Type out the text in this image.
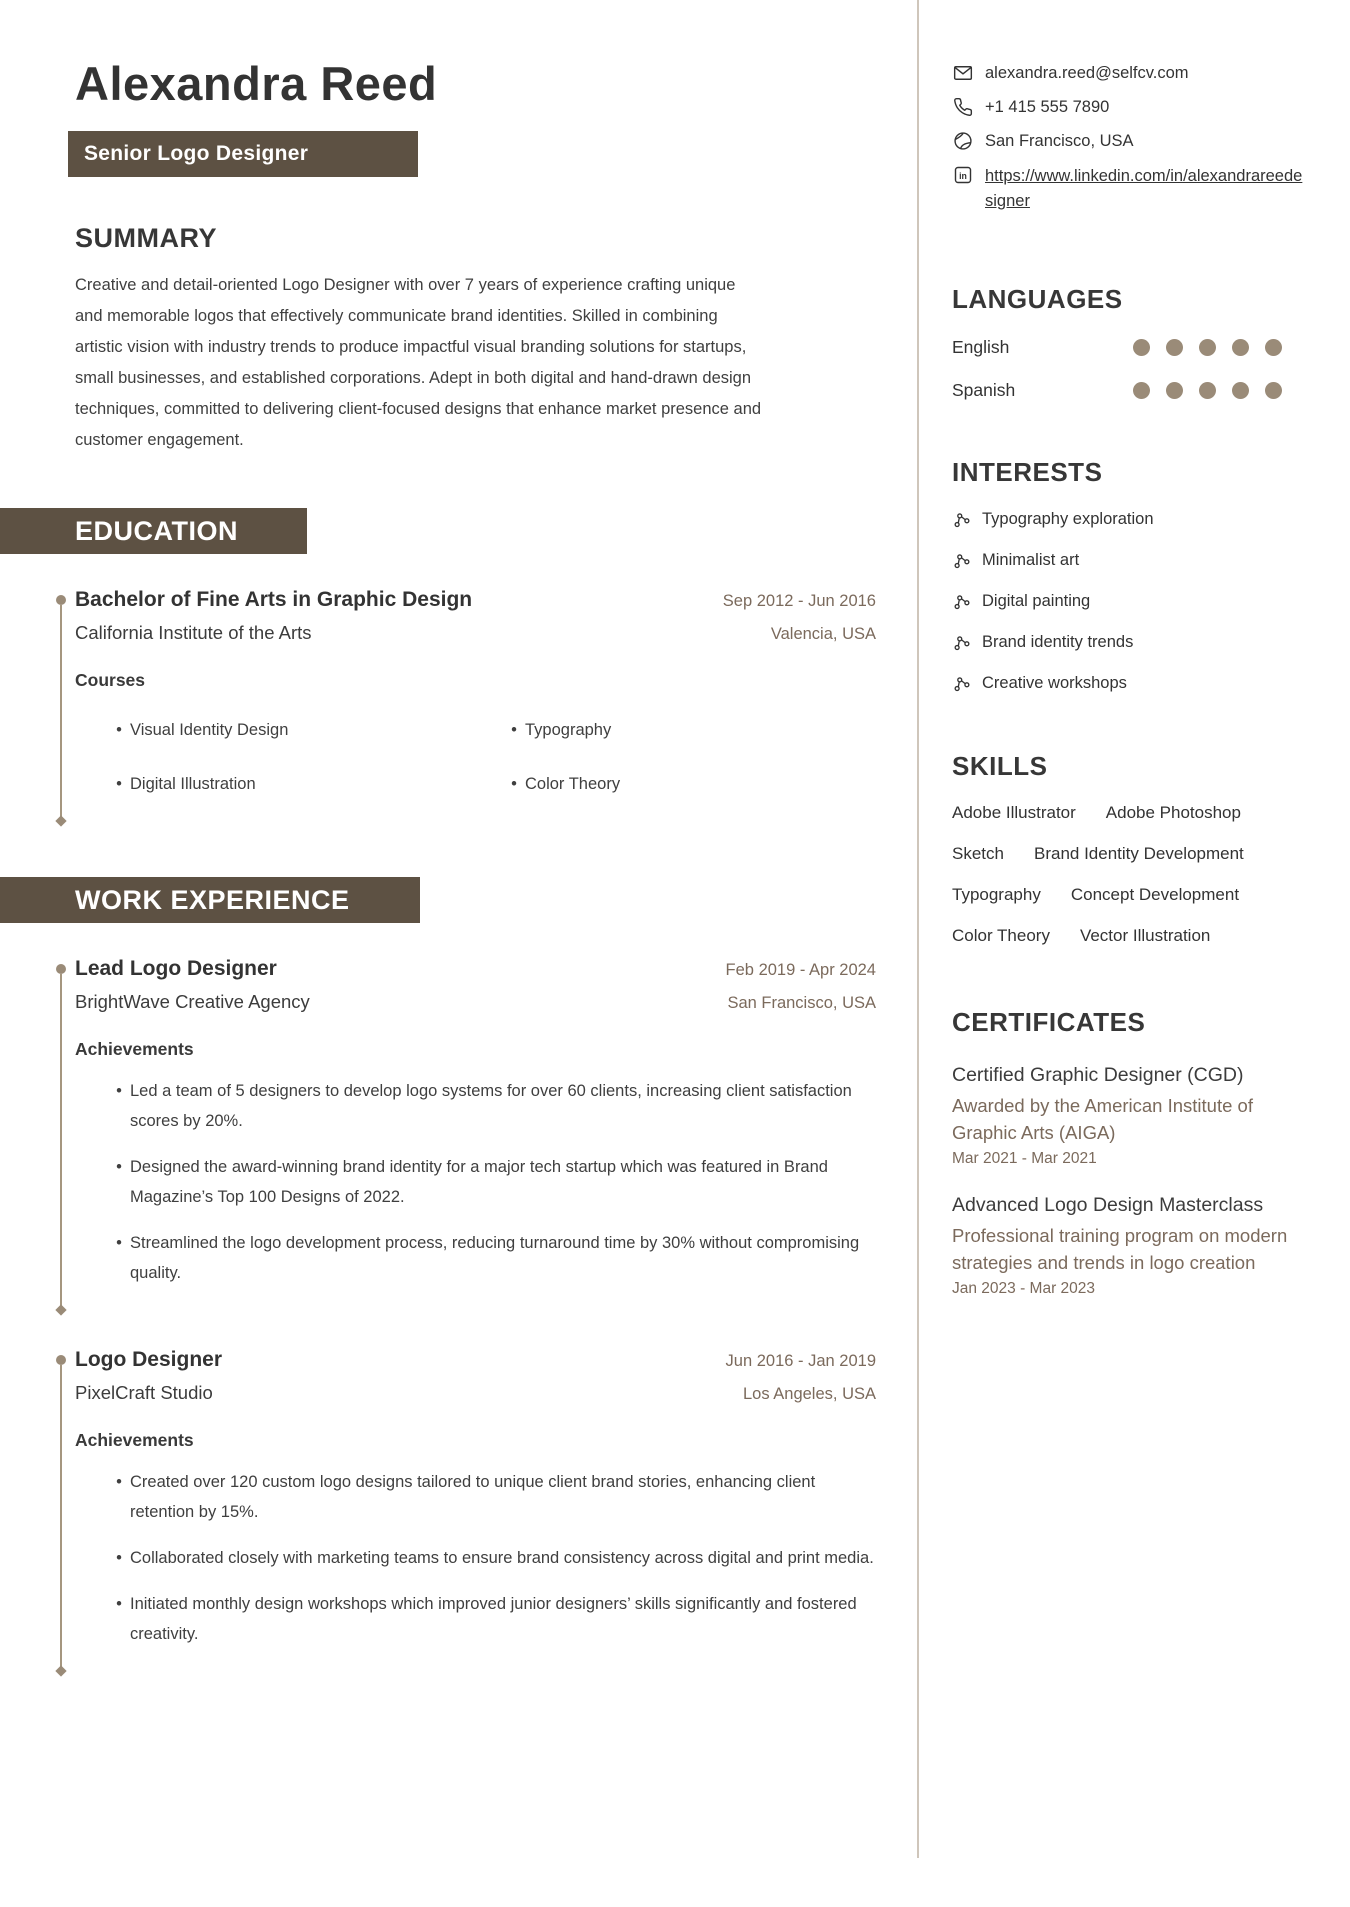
Alexandra Reed
Senior Logo Designer
SUMMARY
Creative and detail-oriented Logo Designer with over 7 years of experience crafting unique and memorable logos that effectively communicate brand identities. Skilled in combining artistic vision with industry trends to produce impactful visual branding solutions for startups, small businesses, and established corporations. Adept in both digital and hand-drawn design techniques, committed to delivering client-focused designs that enhance market presence and customer engagement.
EDUCATION
Bachelor of Fine Arts in Graphic Design	Sep 2012 - Jun 2016
California Institute of the Arts	Valencia, USA
Courses
• Visual Identity Design	• Typography
• Digital Illustration	• Color Theory
WORK EXPERIENCE
Lead Logo Designer	Feb 2019 - Apr 2024
BrightWave Creative Agency	San Francisco, USA
Achievements
• Led a team of 5 designers to develop logo systems for over 60 clients, increasing client satisfaction scores by 20%.
• Designed the award-winning brand identity for a major tech startup which was featured in Brand Magazine’s Top 100 Designs of 2022.
• Streamlined the logo development process, reducing turnaround time by 30% without compromising quality.
Logo Designer	Jun 2016 - Jan 2019
PixelCraft Studio	Los Angeles, USA
Achievements
• Created over 120 custom logo designs tailored to unique client brand stories, enhancing client retention by 15%.
• Collaborated closely with marketing teams to ensure brand consistency across digital and print media.
• Initiated monthly design workshops which improved junior designers’ skills significantly and fostered creativity.
alexandra.reed@selfcv.com
+1 415 555 7890
San Francisco, USA
in https://www.linkedin.com/in/alexandrareedesigner
LANGUAGES
English
Spanish
INTERESTS
Typography exploration
Minimalist art
Digital painting
Brand identity trends
Creative workshops
SKILLS
Adobe Illustrator Adobe Photoshop
Sketch Brand Identity Development
Typography Concept Development
Color Theory Vector Illustration
CERTIFICATES
Certified Graphic Designer (CGD)
Awarded by the American Institute of Graphic Arts (AIGA)
Mar 2021 - Mar 2021
Advanced Logo Design Masterclass
Professional training program on modern strategies and trends in logo creation
Jan 2023 - Mar 2023
